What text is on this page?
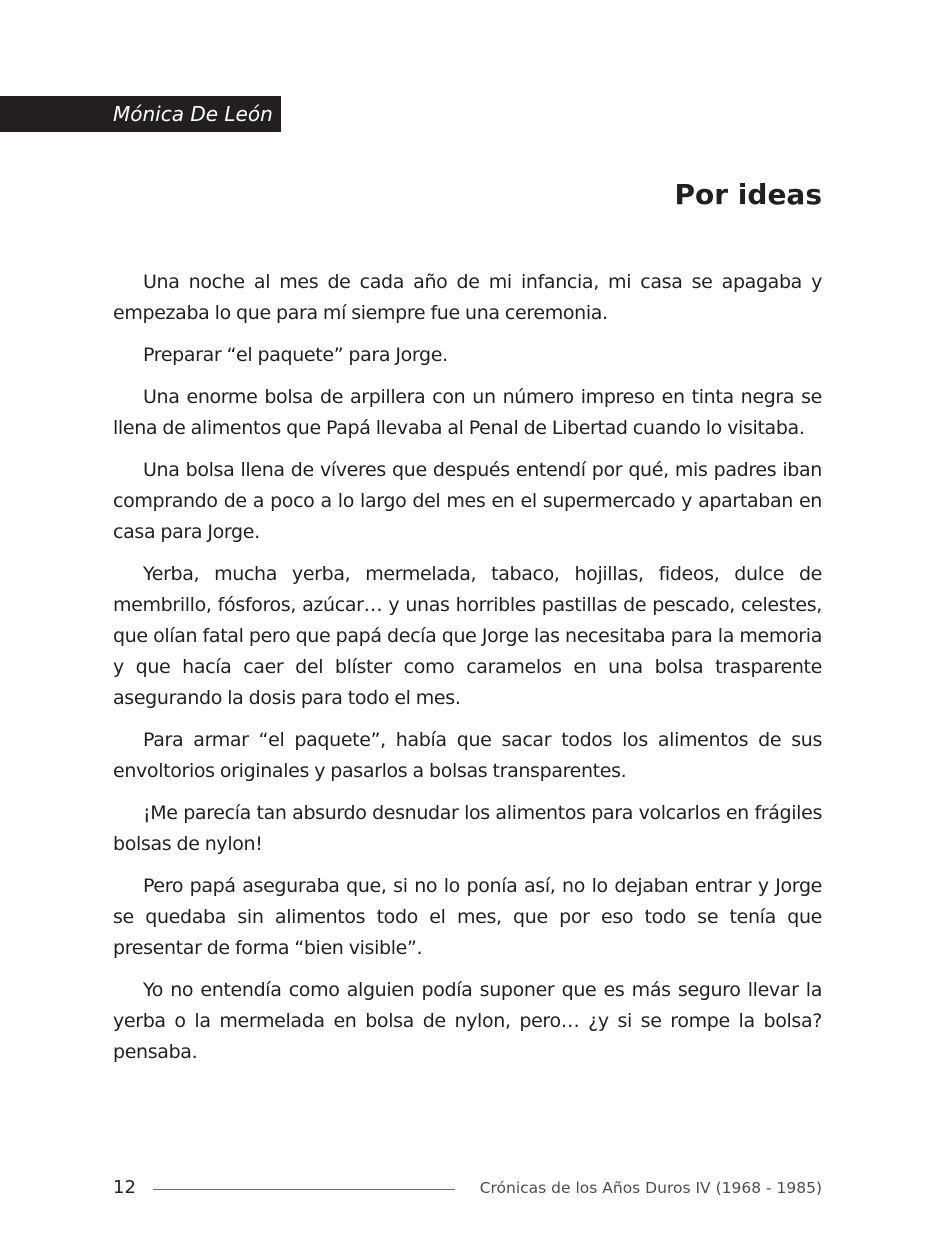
Mónica De León
Por ideas

Una noche al mes de cada año de mi infancia, mi casa se apagaba y empezaba lo que para mí siempre fue una ceremonia.

Preparar “el paquete” para Jorge.

Una enorme bolsa de arpillera con un número impreso en tinta negra se llena de alimentos que Papá llevaba al Penal de Libertad cuando lo visitaba.

Una bolsa llena de víveres que después entendí por qué, mis padres iban comprando de a poco a lo largo del mes en el supermercado y apartaban en casa para Jorge.

Yerba, mucha yerba, mermelada, tabaco, hojillas, fideos, dulce de membrillo, fósforos, azúcar… y unas horribles pastillas de pescado, celestes, que olían fatal pero que papá decía que Jorge las necesitaba para la memoria y que hacía caer del blíster como caramelos en una bolsa trasparente asegurando la dosis para todo el mes.

Para armar “el paquete”, había que sacar todos los alimentos de sus envoltorios originales y pasarlos a bolsas transparentes.

¡Me parecía tan absurdo desnudar los alimentos para volcarlos en frágiles bolsas de nylon!

Pero papá aseguraba que, si no lo ponía así, no lo dejaban entrar y Jorge se quedaba sin alimentos todo el mes, que por eso todo se tenía que presentar de forma “bien visible”.

Yo no entendía como alguien podía suponer que es más seguro llevar la yerba o la mermelada en bolsa de nylon, pero… ¿y si se rompe la bolsa? pensaba.

12	Crónicas de los Años Duros IV (1968 - 1985)
